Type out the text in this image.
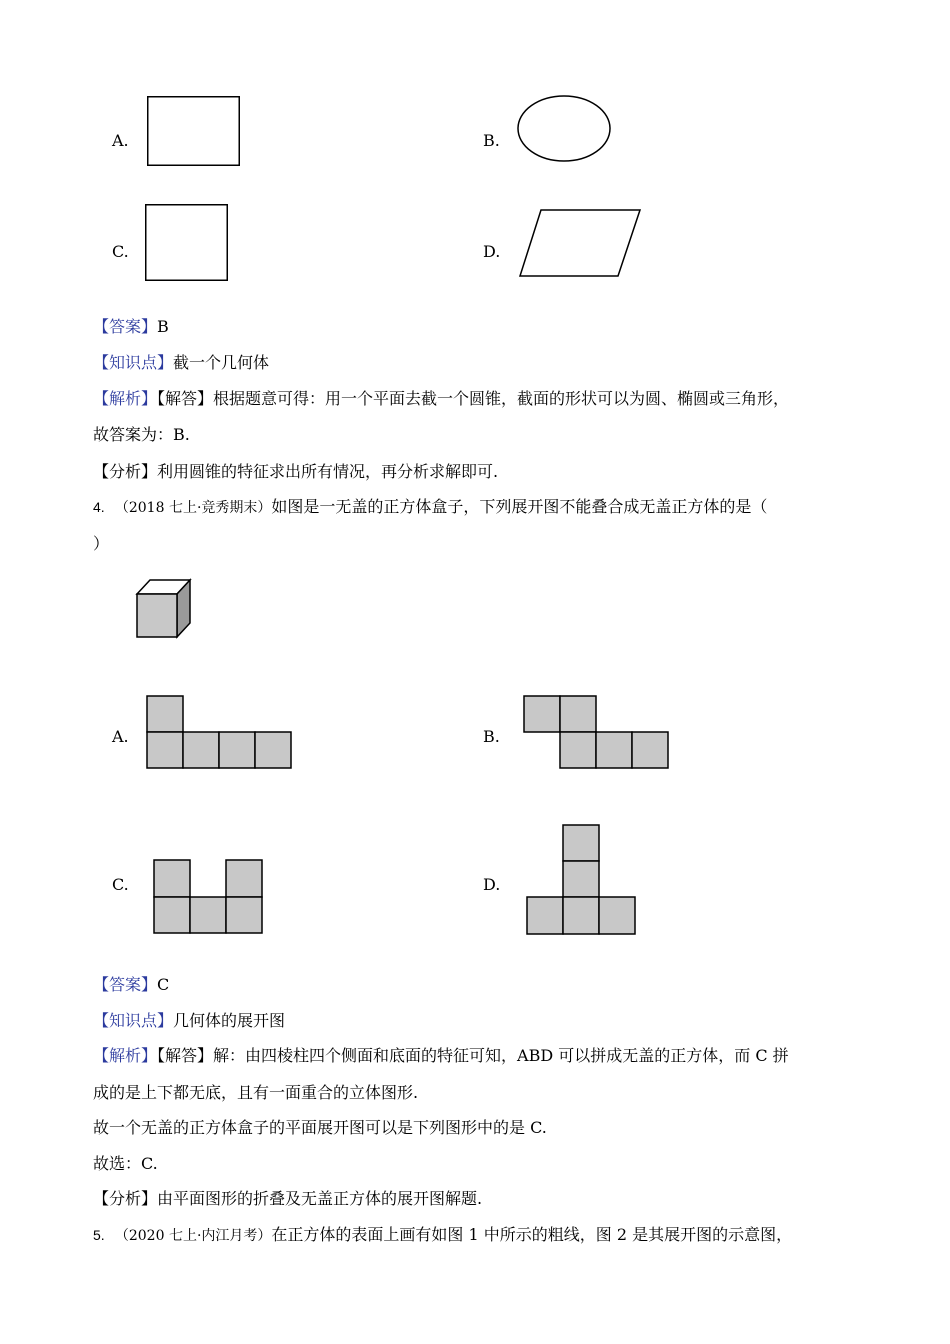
A.	B.
C.	D.
【答案】B
【知识点】截一个几何体
【解析】【解答】根据题意可得：用一个平面去截一个圆锥，截面的形状可以为圆、椭圆或三角形，
故答案为：B.
【分析】利用圆锥的特征求出所有情况，再分析求解即可.
4. （2018 七上·竞秀期末）如图是一无盖的正方体盒子，下列展开图不能叠合成无盖正方体的是（
）
A.	B.
C.	D.
【答案】C
【知识点】几何体的展开图
【解析】【解答】解：由四棱柱四个侧面和底面的特征可知，ABD 可以拼成无盖的正方体，而 C 拼
成的是上下都无底，且有一面重合的立体图形.
故一个无盖的正方体盒子的平面展开图可以是下列图形中的是 C.
故选：C.
【分析】由平面图形的折叠及无盖正方体的展开图解题.
5. （2020 七上·内江月考）在正方体的表面上画有如图 1 中所示的粗线，图 2 是其展开图的示意图，
